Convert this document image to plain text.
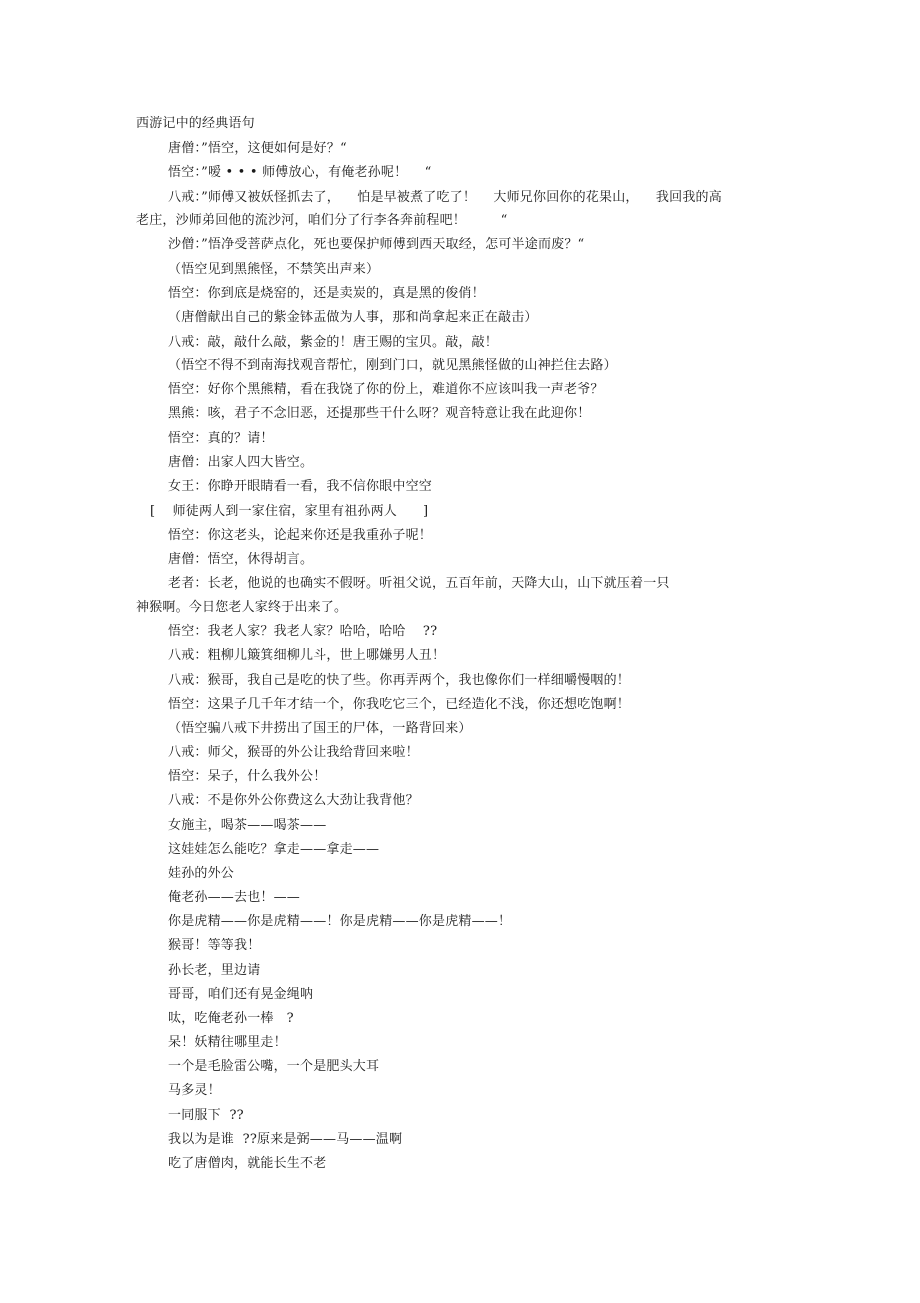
西游记中的经典语句
唐僧：”悟空，这便如何是好？“
悟空：”嗳 • • • 师傅放心，有俺老孙呢！    “
八戒：”师傅又被妖怪抓去了，    怕是早被煮了吃了！    大师兄你回你的花果山，    我回我的高
老庄，沙师弟回他的流沙河，咱们分了行李各奔前程吧！        “
沙僧：”悟净受菩萨点化，死也要保护师傅到西天取经，怎可半途而废？“
（悟空见到黑熊怪，不禁笑出声来）
悟空：你到底是烧窑的，还是卖炭的，真是黑的俊俏！
（唐僧献出自己的紫金钵盂做为人事，那和尚拿起来正在敲击）
八戒：敲，敲什么敲，紫金的！唐王赐的宝贝。敲，敲！
（悟空不得不到南海找观音帮忙，刚到门口，就见黑熊怪做的山神拦住去路）
悟空：好你个黑熊精，看在我饶了你的份上，难道你不应该叫我一声老爷？
黑熊：咳，君子不念旧恶，还提那些干什么呀？观音特意让我在此迎你！
悟空：真的？请！
唐僧：出家人四大皆空。
女王：你睁开眼睛看一看，我不信你眼中空空
[    师徒两人到一家住宿，家里有祖孙两人      ]
悟空：你这老头，论起来你还是我重孙子呢！
唐僧：悟空，休得胡言。
老者：长老，他说的也确实不假呀。听祖父说，五百年前，天降大山，山下就压着一只
神猴啊。今日您老人家终于出来了。
悟空：我老人家？我老人家？哈哈，哈哈    ??
八戒：粗柳儿簸箕细柳儿斗，世上哪嫌男人丑！
八戒：猴哥，我自己是吃的快了些。你再弄两个，我也像你们一样细嚼慢咽的！
悟空：这果子几千年才结一个，你我吃它三个，已经造化不浅，你还想吃饱啊！
（悟空骗八戒下井捞出了国王的尸体，一路背回来）
八戒：师父，猴哥的外公让我给背回来啦！
悟空：呆子，什么我外公！
八戒：不是你外公你费这么大劲让我背他？
女施主，喝茶——喝茶——
这娃娃怎么能吃？拿走——拿走——
娃孙的外公
俺老孙——去也！——
你是虎精——你是虎精——！你是虎精——你是虎精——！
猴哥！等等我！
孙长老，里边请
哥哥，咱们还有晃金绳呐
呔，吃俺老孙一棒   ?
呆！妖精往哪里走！
一个是毛脸雷公嘴，一个是肥头大耳
马多灵！
一同服下  ??
我以为是谁  ??原来是弼——马——温啊
吃了唐僧肉，就能长生不老
